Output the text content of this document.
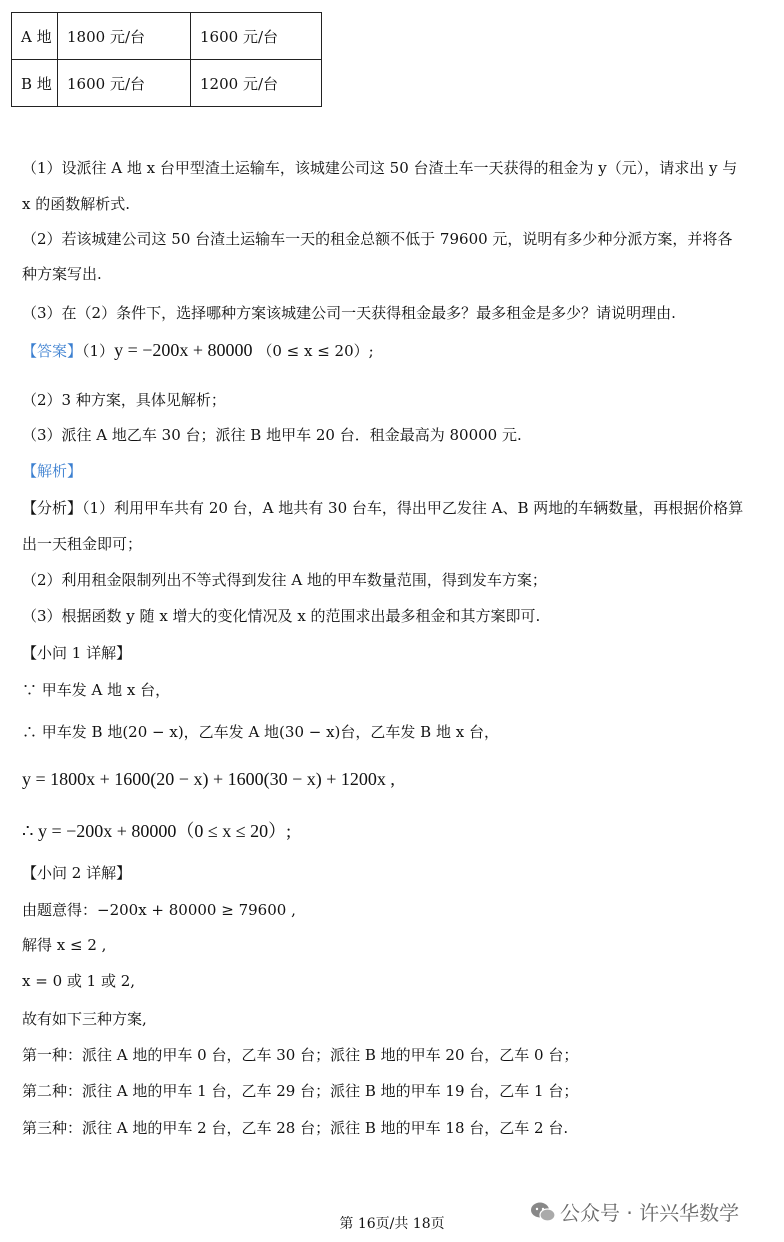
A 地	1800 元/台	1600 元/台
B 地	1600 元/台	1200 元/台
（1）设派往 A 地 x 台甲型渣土运输车，该城建公司这 50 台渣土车一天获得的租金为 y（元），请求出 y 与
x 的函数解析式.
（2）若该城建公司这 50 台渣土运输车一天的租金总额不低于 79600 元，说明有多少种分派方案，并将各
种方案写出.
（3）在（2）条件下，选择哪种方案该城建公司一天获得租金最多？最多租金是多少？请说明理由.
【答案】（1）y = −200x + 80000 （0 ≤ x ≤ 20）;
（2）3 种方案，具体见解析；
（3）派往 A 地乙车 30 台；派往 B 地甲车 20 台．租金最高为 80000 元.
【解析】
【分析】（1）利用甲车共有 20 台，A 地共有 30 台车，得出甲乙发往 A、B 两地的车辆数量，再根据价格算
出一天租金即可；
（2）利用租金限制列出不等式得到发往 A 地的甲车数量范围，得到发车方案；
（3）根据函数 y 随 x 增大的变化情况及 x 的范围求出最多租金和其方案即可.
【小问 1 详解】
∵ 甲车发 A 地 x 台，
∴ 甲车发 B 地(20 − x)，乙车发 A 地(30 − x)台，乙车发 B 地 x 台，
y = 1800x + 1600(20 − x) + 1600(30 − x) + 1200x ,
∴ y = −200x + 80000（0 ≤ x ≤ 20）;
【小问 2 详解】
由题意得：−200x + 80000 ≥ 79600 ,
解得 x ≤ 2 ,
x = 0 或 1 或 2,
故有如下三种方案,
第一种：派往 A 地的甲车 0 台，乙车 30 台；派往 B 地的甲车 20 台，乙车 0 台；
第二种：派往 A 地的甲车 1 台，乙车 29 台；派往 B 地的甲车 19 台，乙车 1 台；
第三种：派往 A 地的甲车 2 台，乙车 28 台；派往 B 地的甲车 18 台，乙车 2 台.
第 16页/共 18页	公众号 · 许兴华数学
